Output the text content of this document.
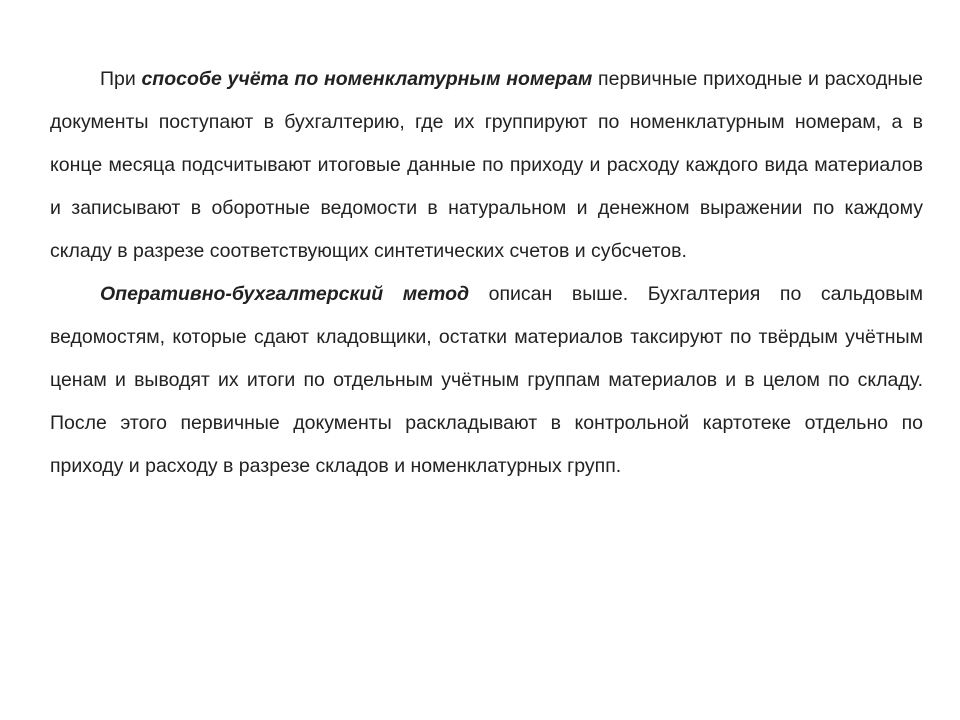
При способе учёта по номенклатурным номерам первичные приходные и расходные документы поступают в бухгалтерию, где их группируют по номенклатурным номерам, а в конце месяца подсчитывают итоговые данные по приходу и расходу каждого вида материалов и записывают в оборотные ведомости в натуральном и денежном выражении по каждому складу в разрезе соответствующих синтетических счетов и субсчетов.

Оперативно-бухгалтерский метод описан выше. Бухгалтерия по сальдовым ведомостям, которые сдают кладовщики, остатки материалов таксируют по твёрдым учётным ценам и выводят их итоги по отдельным учётным группам материалов и в целом по складу. После этого первичные документы раскладывают в контрольной картотеке отдельно по приходу и расходу в разрезе складов и номенклатурных групп.
